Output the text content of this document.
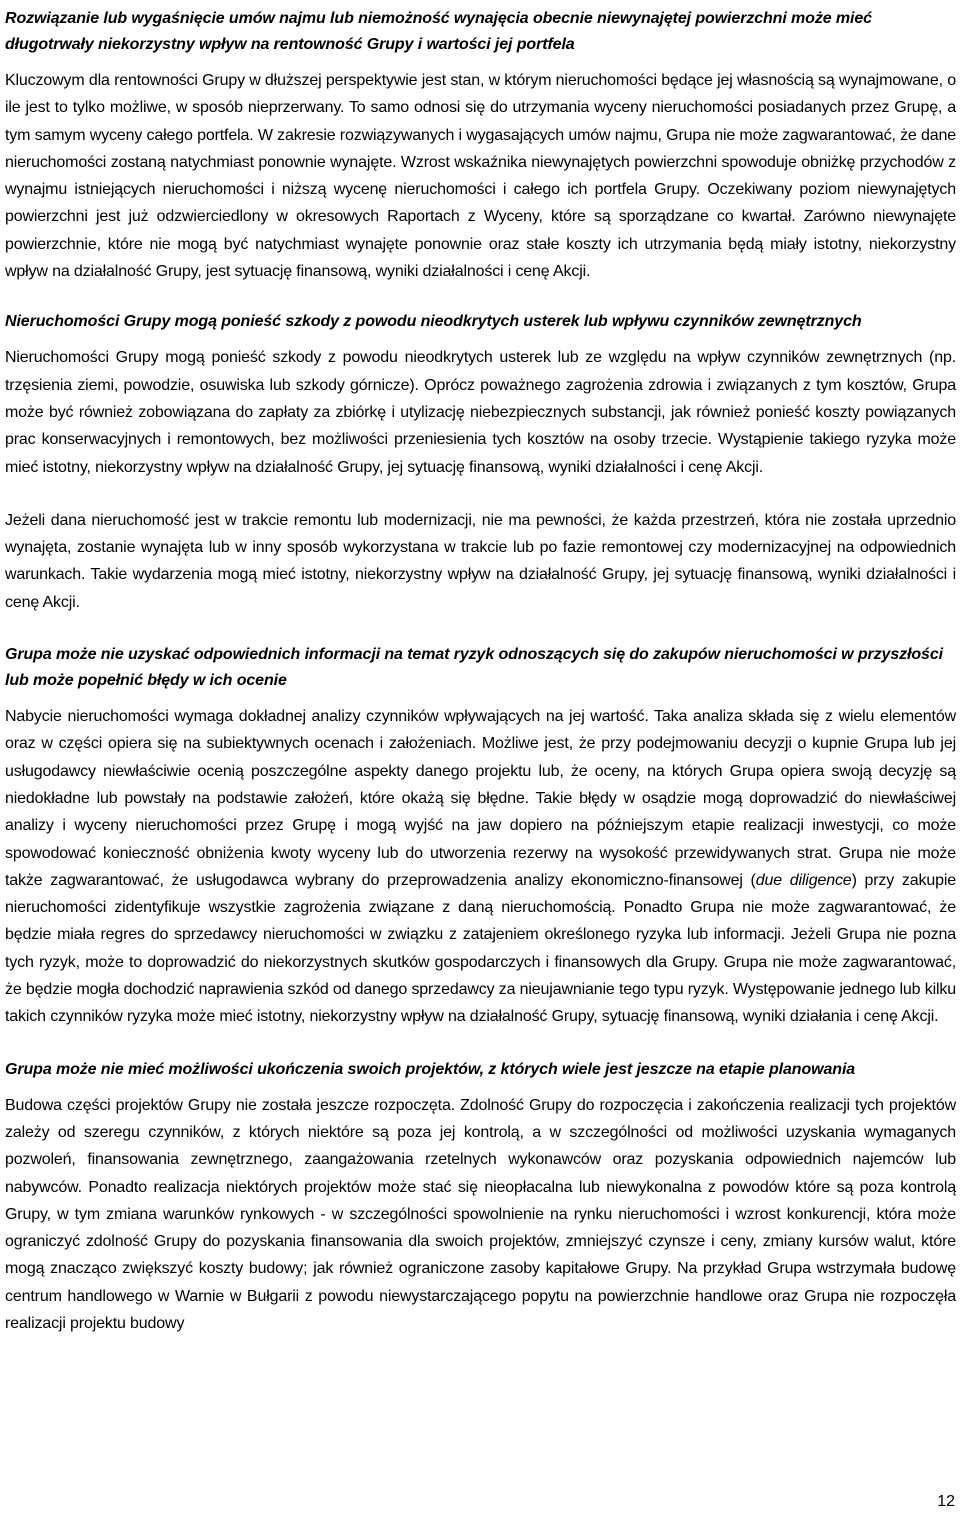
Rozwiązanie lub wygaśnięcie umów najmu lub niemożność wynajęcia obecnie niewynajętej powierzchni może mieć długotrwały niekorzystny wpływ na rentowność Grupy i wartości jej portfela

Kluczowym dla rentowności Grupy w dłuższej perspektywie jest stan, w którym nieruchomości będące jej własnością są wynajmowane, o ile jest to tylko możliwe, w sposób nieprzerwany. To samo odnosi się do utrzymania wyceny nieruchomości posiadanych przez Grupę, a tym samym wyceny całego portfela. W zakresie rozwiązywanych i wygasających umów najmu, Grupa nie może zagwarantować, że dane nieruchomości zostaną natychmiast ponownie wynajęte. Wzrost wskaźnika niewynajętych powierzchni spowoduje obniżkę przychodów z wynajmu istniejących nieruchomości i niższą wycenę nieruchomości i całego ich portfela Grupy. Oczekiwany poziom niewynajętych powierzchni jest już odzwierciedlony w okresowych Raportach z Wyceny, które są sporządzane co kwartał. Zarówno niewynajęte powierzchnie, które nie mogą być natychmiast wynajęte ponownie oraz stałe koszty ich utrzymania będą miały istotny, niekorzystny wpływ na działalność Grupy, jest sytuację finansową, wyniki działalności i cenę Akcji.

Nieruchomości Grupy mogą ponieść szkody z powodu nieodkrytych usterek lub wpływu czynników zewnętrznych

Nieruchomości Grupy mogą ponieść szkody z powodu nieodkrytych usterek lub ze względu na wpływ czynników zewnętrznych (np. trzęsienia ziemi, powodzie, osuwiska lub szkody górnicze). Oprócz poważnego zagrożenia zdrowia i związanych z tym kosztów, Grupa może być również zobowiązana do zapłaty za zbiórkę i utylizację niebezpiecznych substancji, jak również ponieść koszty powiązanych prac konserwacyjnych i remontowych, bez możliwości przeniesienia tych kosztów na osoby trzecie. Wystąpienie takiego ryzyka może mieć istotny, niekorzystny wpływ na działalność Grupy, jej sytuację finansową, wyniki działalności i cenę Akcji.

Jeżeli dana nieruchomość jest w trakcie remontu lub modernizacji, nie ma pewności, że każda przestrzeń, która nie została uprzednio wynajęta, zostanie wynajęta lub w inny sposób wykorzystana w trakcie lub po fazie remontowej czy modernizacyjnej na odpowiednich warunkach. Takie wydarzenia mogą mieć istotny, niekorzystny wpływ na działalność Grupy, jej sytuację finansową, wyniki działalności i cenę Akcji.

Grupa może nie uzyskać odpowiednich informacji na temat ryzyk odnoszących się do zakupów nieruchomości w przyszłości lub może popełnić błędy w ich ocenie

Nabycie nieruchomości wymaga dokładnej analizy czynników wpływających na jej wartość. Taka analiza składa się z wielu elementów oraz w części opiera się na subiektywnych ocenach i założeniach. Możliwe jest, że przy podejmowaniu decyzji o kupnie Grupa lub jej usługodawcy niewłaściwie ocenią poszczególne aspekty danego projektu lub, że oceny, na których Grupa opiera swoją decyzję są niedokładne lub powstały na podstawie założeń, które okażą się błędne. Takie błędy w osądzie mogą doprowadzić do niewłaściwej analizy i wyceny nieruchomości przez Grupę i mogą wyjść na jaw dopiero na późniejszym etapie realizacji inwestycji, co może spowodować konieczność obniżenia kwoty wyceny lub do utworzenia rezerwy na wysokość przewidywanych strat. Grupa nie może także zagwarantować, że usługodawca wybrany do przeprowadzenia analizy ekonomiczno-finansowej (due diligence) przy zakupie nieruchomości zidentyfikuje wszystkie zagrożenia związane z daną nieruchomością. Ponadto Grupa nie może zagwarantować, że będzie miała regres do sprzedawcy nieruchomości w związku z zatajeniem określonego ryzyka lub informacji. Jeżeli Grupa nie pozna tych ryzyk, może to doprowadzić do niekorzystnych skutków gospodarczych i finansowych dla Grupy. Grupa nie może zagwarantować, że będzie mogła dochodzić naprawienia szkód od danego sprzedawcy za nieujawnianie tego typu ryzyk. Występowanie jednego lub kilku takich czynników ryzyka może mieć istotny, niekorzystny wpływ na działalność Grupy, sytuację finansową, wyniki działania i cenę Akcji.

Grupa może nie mieć możliwości ukończenia swoich projektów, z których wiele jest jeszcze na etapie planowania

Budowa części projektów Grupy nie została jeszcze rozpoczęta. Zdolność Grupy do rozpoczęcia i zakończenia realizacji tych projektów zależy od szeregu czynników, z których niektóre są poza jej kontrolą, a w szczególności od możliwości uzyskania wymaganych pozwoleń, finansowania zewnętrznego, zaangażowania rzetelnych wykonawców oraz pozyskania odpowiednich najemców lub nabywców. Ponadto realizacja niektórych projektów może stać się nieopłacalna lub niewykonalna z powodów które są poza kontrolą Grupy, w tym zmiana warunków rynkowych - w szczególności spowolnienie na rynku nieruchomości i wzrost konkurencji, która może ograniczyć zdolność Grupy do pozyskania finansowania dla swoich projektów, zmniejszyć czynsze i ceny, zmiany kursów walut, które mogą znacząco zwiększyć koszty budowy; jak również ograniczone zasoby kapitałowe Grupy. Na przykład Grupa wstrzymała budowę centrum handlowego w Warnie w Bułgarii z powodu niewystarczającego popytu na powierzchnie handlowe oraz Grupa nie rozpoczęła realizacji projektu budowy

12
